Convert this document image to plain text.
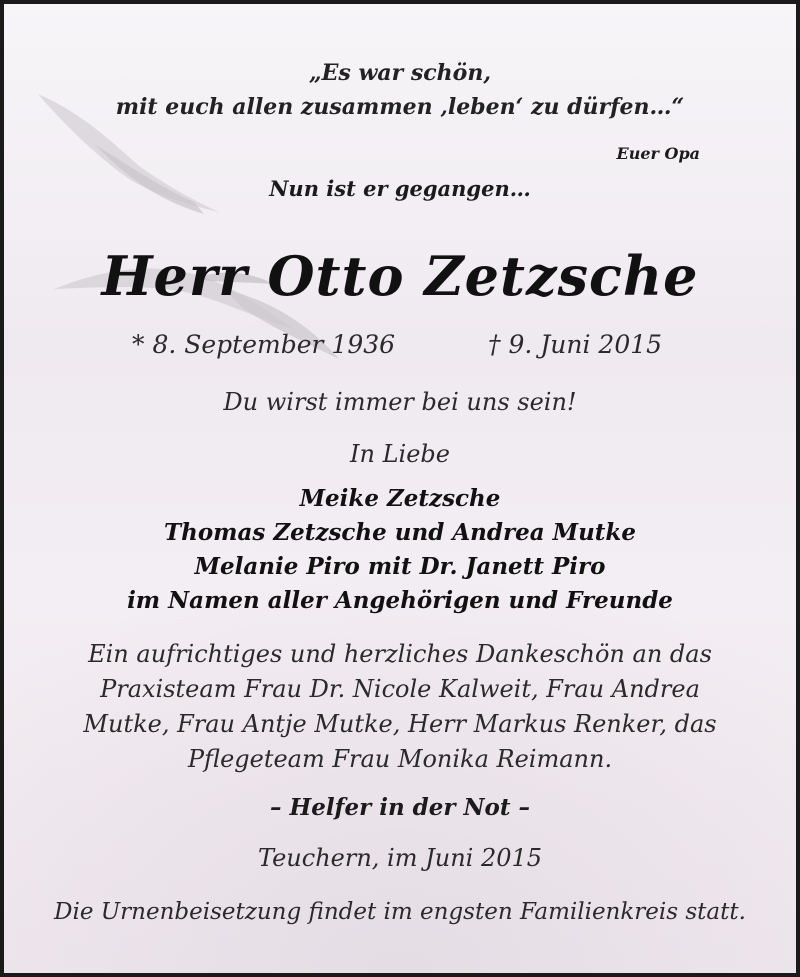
„Es war schön,
mit euch allen zusammen ‚leben‘ zu dürfen…“
Euer Opa
Nun ist er gegangen…
Herr Otto Zetzsche
* 8. September 1936	† 9. Juni 2015
Du wirst immer bei uns sein!
In Liebe
Meike Zetzsche
Thomas Zetzsche und Andrea Mutke
Melanie Piro mit Dr. Janett Piro
im Namen aller Angehörigen und Freunde
Ein aufrichtiges und herzliches Dankeschön an das
Praxisteam Frau Dr. Nicole Kalweit, Frau Andrea
Mutke, Frau Antje Mutke, Herr Markus Renker, das
Pflegeteam Frau Monika Reimann.
– Helfer in der Not –
Teuchern, im Juni 2015
Die Urnenbeisetzung findet im engsten Familienkreis statt.
